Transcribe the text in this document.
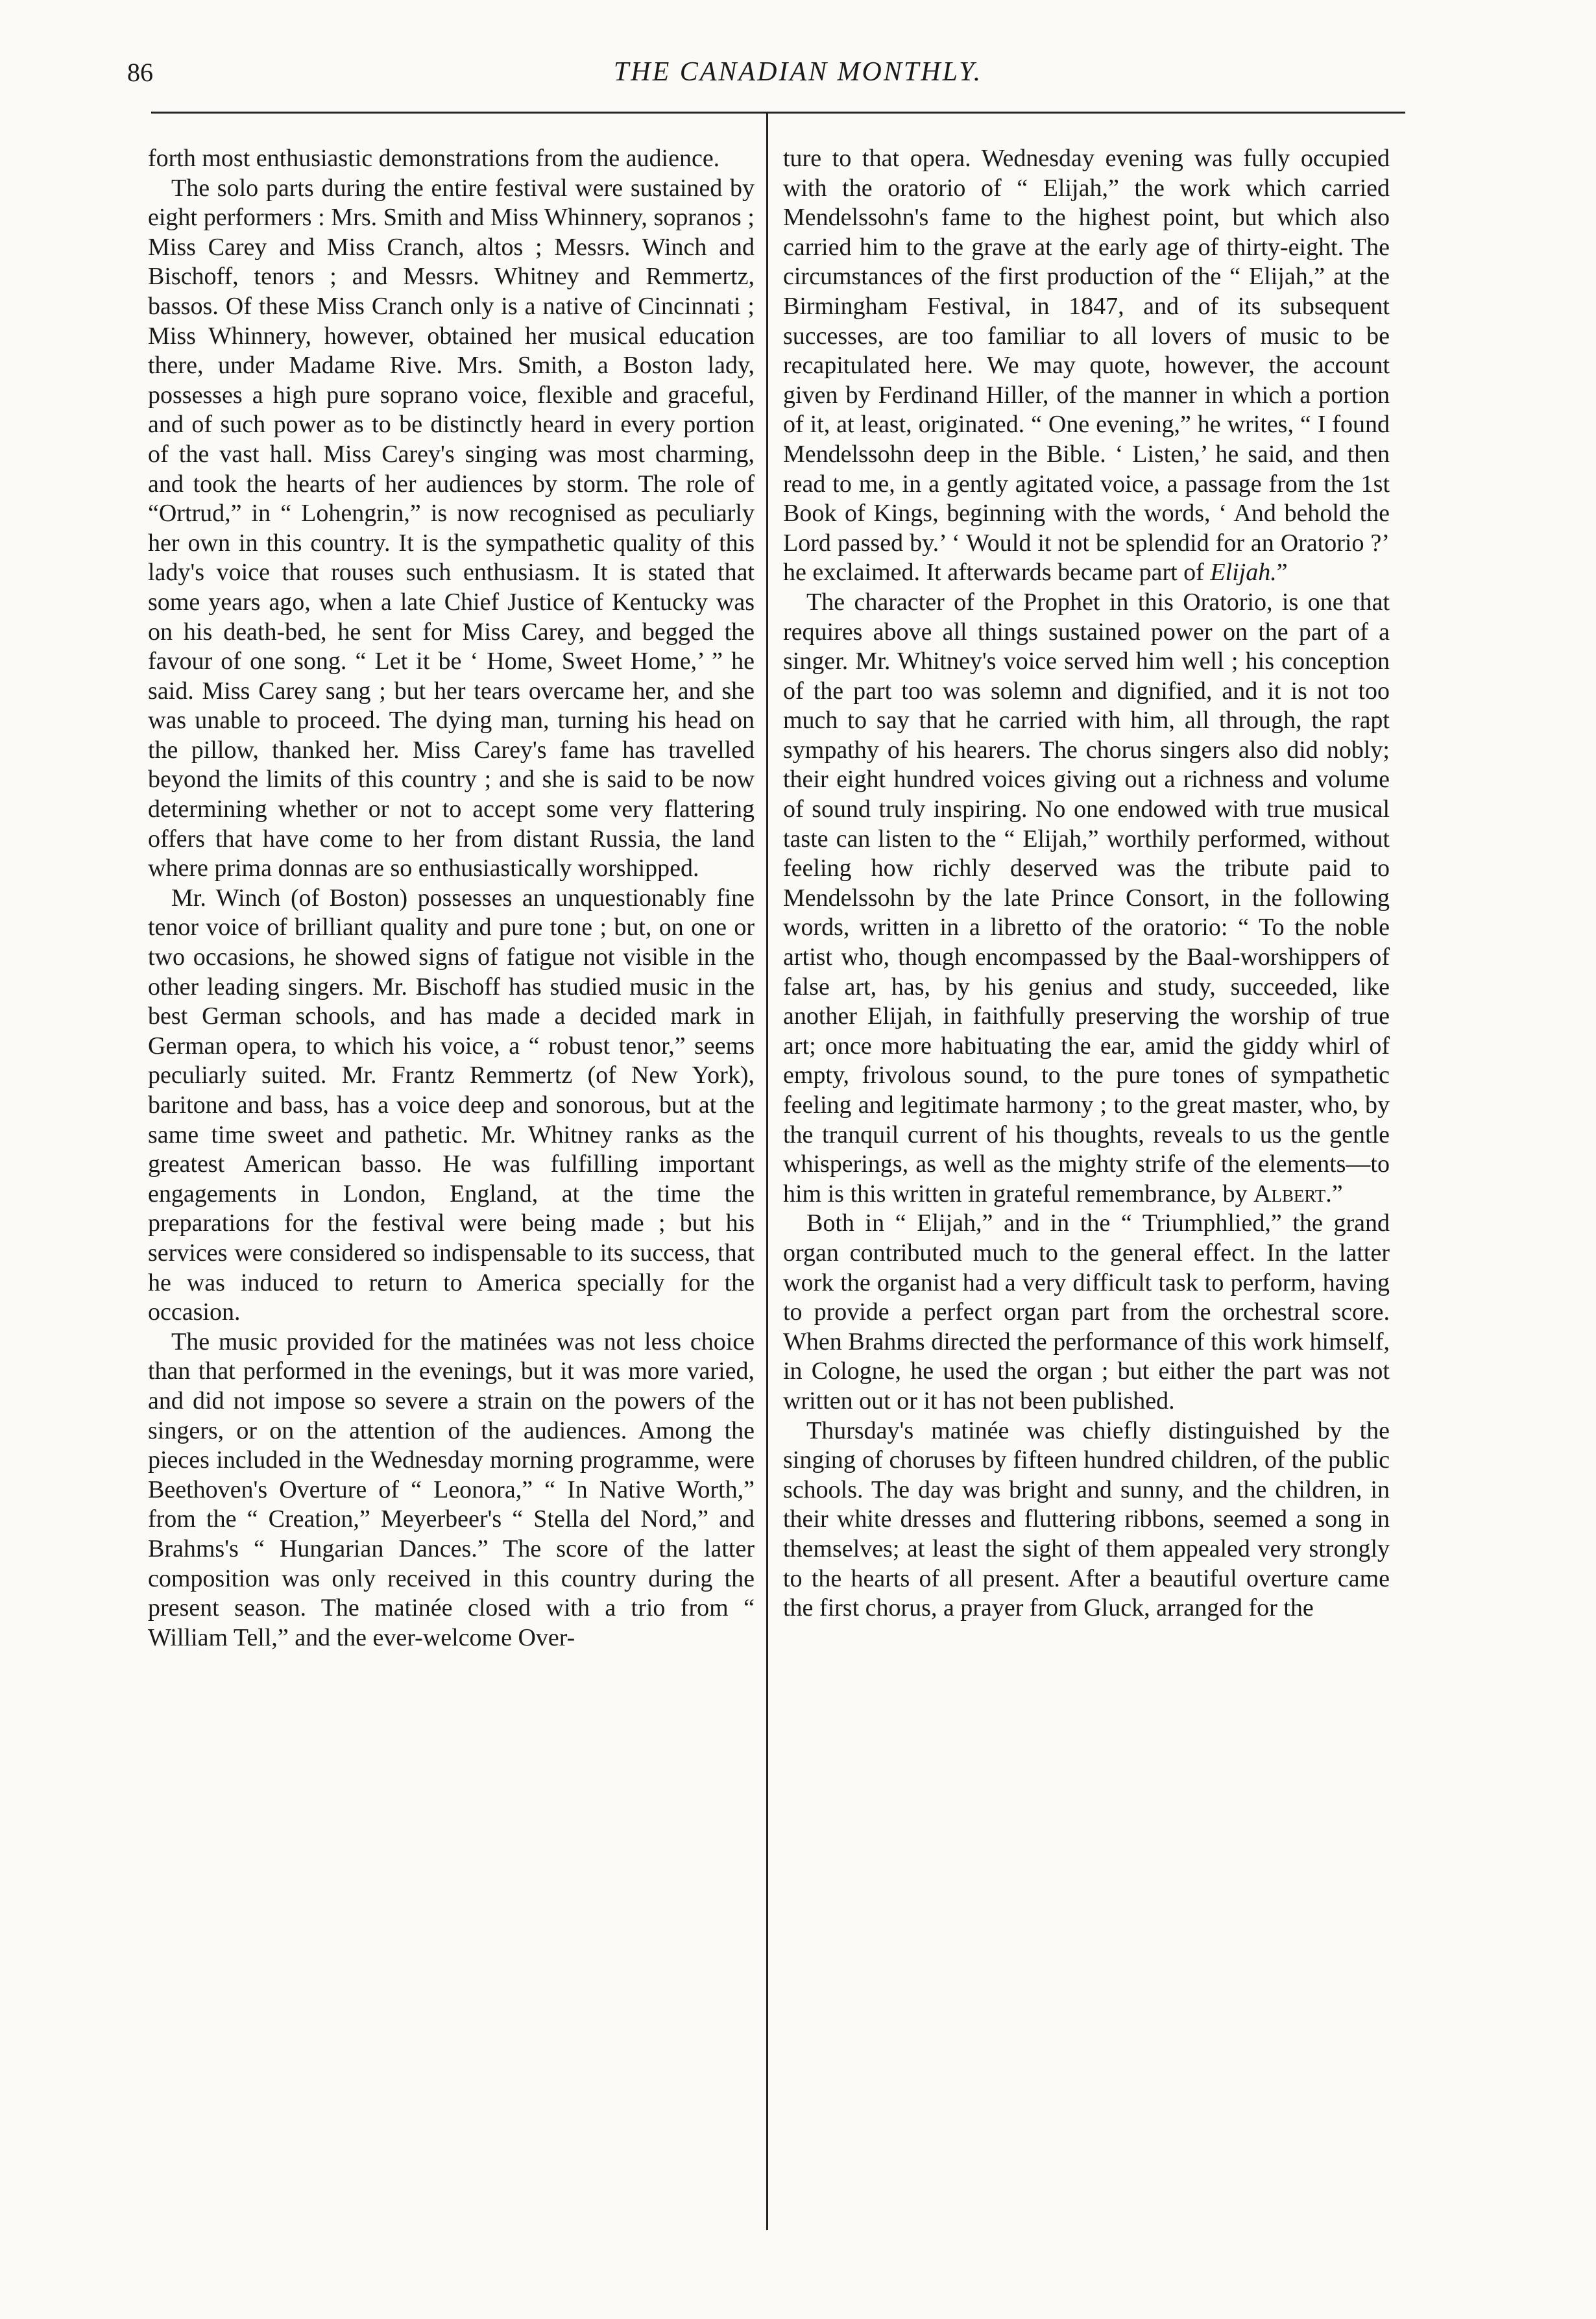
86	THE CANADIAN MONTHLY.

forth most enthusiastic demonstrations from the audience.

The solo parts during the entire festival were sustained by eight performers : Mrs. Smith and Miss Whinnery, sopranos ; Miss Carey and Miss Cranch, altos ; Messrs. Winch and Bischoff, tenors ; and Messrs. Whitney and Remmertz, bassos. Of these Miss Cranch only is a native of Cincinnati ; Miss Whinnery, however, obtained her musical education there, under Madame Rive. Mrs. Smith, a Boston lady, possesses a high pure soprano voice, flexible and graceful, and of such power as to be distinctly heard in every portion of the vast hall. Miss Carey's singing was most charming, and took the hearts of her audiences by storm. The role of “Ortrud,” in “ Lohengrin,” is now recognised as peculiarly her own in this country. It is the sympathetic quality of this lady's voice that rouses such enthusiasm. It is stated that some years ago, when a late Chief Justice of Kentucky was on his death-bed, he sent for Miss Carey, and begged the favour of one song. “ Let it be ‘ Home, Sweet Home,’ ” he said. Miss Carey sang ; but her tears overcame her, and she was unable to proceed. The dying man, turning his head on the pillow, thanked her. Miss Carey's fame has travelled beyond the limits of this country ; and she is said to be now determining whether or not to accept some very flattering offers that have come to her from distant Russia, the land where prima donnas are so enthusiastically worshipped.

Mr. Winch (of Boston) possesses an unquestionably fine tenor voice of brilliant quality and pure tone ; but, on one or two occasions, he showed signs of fatigue not visible in the other leading singers. Mr. Bischoff has studied music in the best German schools, and has made a decided mark in German opera, to which his voice, a “ robust tenor,” seems peculiarly suited. Mr. Frantz Remmertz (of New York), baritone and bass, has a voice deep and sonorous, but at the same time sweet and pathetic. Mr. Whitney ranks as the greatest American basso. He was fulfilling important engagements in London, England, at the time the preparations for the festival were being made ; but his services were considered so indispensable to its success, that he was induced to return to America specially for the occasion.

The music provided for the matinées was not less choice than that performed in the evenings, but it was more varied, and did not impose so severe a strain on the powers of the singers, or on the attention of the audiences. Among the pieces included in the Wednesday morning programme, were Beethoven's Overture of “ Leonora,” “ In Native Worth,” from the “ Creation,” Meyerbeer's “ Stella del Nord,” and Brahms's “ Hungarian Dances.” The score of the latter composition was only received in this country during the present season. The matinée closed with a trio from “ William Tell,” and the ever-welcome Over-

ture to that opera. Wednesday evening was fully occupied with the oratorio of “ Elijah,” the work which carried Mendelssohn's fame to the highest point, but which also carried him to the grave at the early age of thirty-eight. The circumstances of the first production of the “ Elijah,” at the Birmingham Festival, in 1847, and of its subsequent successes, are too familiar to all lovers of music to be recapitulated here. We may quote, however, the account given by Ferdinand Hiller, of the manner in which a portion of it, at least, originated. “ One evening,” he writes, “ I found Mendelssohn deep in the Bible. ‘ Listen,’ he said, and then read to me, in a gently agitated voice, a passage from the 1st Book of Kings, beginning with the words, ‘ And behold the Lord passed by.’ ‘ Would it not be splendid for an Oratorio ?’ he exclaimed. It afterwards became part of Elijah.”

The character of the Prophet in this Oratorio, is one that requires above all things sustained power on the part of a singer. Mr. Whitney's voice served him well ; his conception of the part too was solemn and dignified, and it is not too much to say that he carried with him, all through, the rapt sympathy of his hearers. The chorus singers also did nobly; their eight hundred voices giving out a richness and volume of sound truly inspiring. No one endowed with true musical taste can listen to the “ Elijah,” worthily performed, without feeling how richly deserved was the tribute paid to Mendelssohn by the late Prince Consort, in the following words, written in a libretto of the oratorio: “ To the noble artist who, though encompassed by the Baal-worshippers of false art, has, by his genius and study, succeeded, like another Elijah, in faithfully preserving the worship of true art; once more habituating the ear, amid the giddy whirl of empty, frivolous sound, to the pure tones of sympathetic feeling and legitimate harmony ; to the great master, who, by the tranquil current of his thoughts, reveals to us the gentle whisperings, as well as the mighty strife of the elements—to him is this written in grateful remembrance, by Albert.”

Both in “ Elijah,” and in the “ Triumphlied,” the grand organ contributed much to the general effect. In the latter work the organist had a very difficult task to perform, having to provide a perfect organ part from the orchestral score. When Brahms directed the performance of this work himself, in Cologne, he used the organ ; but either the part was not written out or it has not been published.

Thursday's matinée was chiefly distinguished by the singing of choruses by fifteen hundred children, of the public schools. The day was bright and sunny, and the children, in their white dresses and fluttering ribbons, seemed a song in themselves; at least the sight of them appealed very strongly to the hearts of all present. After a beautiful overture came the first chorus, a prayer from Gluck, arranged for the
